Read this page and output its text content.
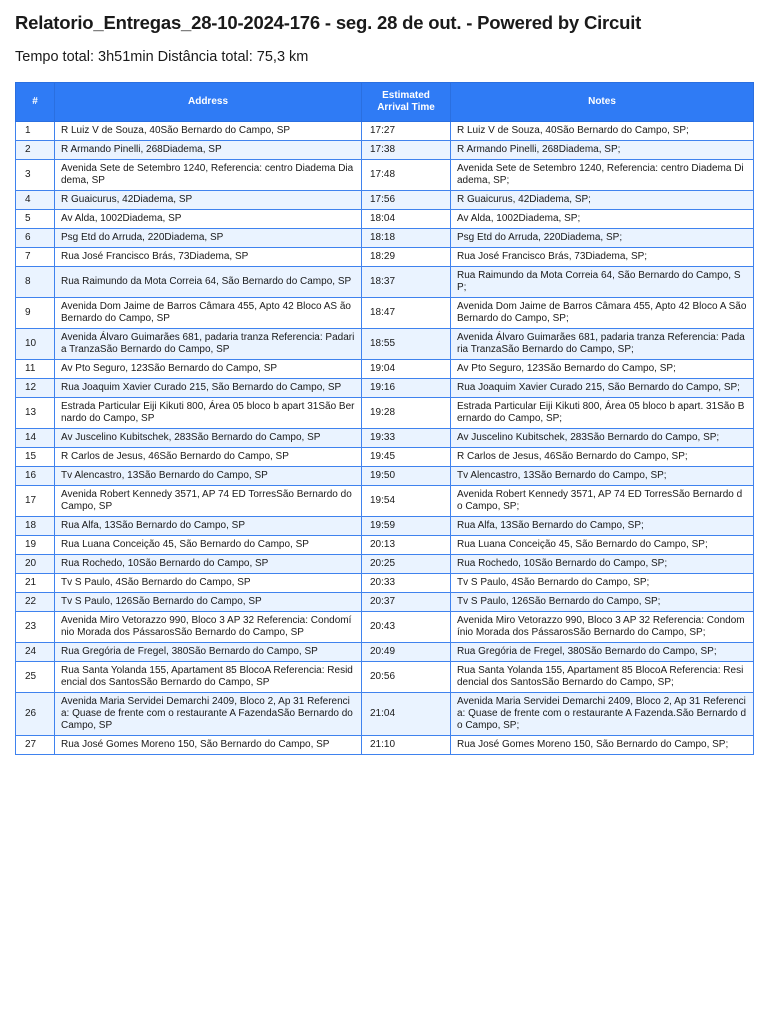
Relatorio_Entregas_28-10-2024-176 - seg. 28 de out. - Powered by Circuit

Tempo total: 3h51min Distância total: 75,3 km

#	Address	Estimated Arrival Time	Notes
1	R Luiz V de Souza, 40São Bernardo do Campo, SP	17:27	R Luiz V de Souza, 40São Bernardo do Campo, SP;
2	R Armando Pinelli, 268Diadema, SP	17:38	R Armando Pinelli, 268Diadema, SP;
3	Avenida Sete de Setembro 1240, Referencia: centro Diadema Diadema, SP	17:48	Avenida Sete de Setembro 1240, Referencia: centro Diadema Diadema, SP;
4	R Guaicurus, 42Diadema, SP	17:56	R Guaicurus, 42Diadema, SP;
5	Av Alda, 1002Diadema, SP	18:04	Av Alda, 1002Diadema, SP;
6	Psg Etd do Arruda, 220Diadema, SP	18:18	Psg Etd do Arruda, 220Diadema, SP;
7	Rua José Francisco Brás, 73Diadema, SP	18:29	Rua José Francisco Brás, 73Diadema, SP;
8	Rua Raimundo da Mota Correia 64, São Bernardo do Campo, SP	18:37	Rua Raimundo da Mota Correia 64, São Bernardo do Campo, SP;
9	Avenida Dom Jaime de Barros Câmara 455, Apto 42 Bloco AS ão Bernardo do Campo, SP	18:47	Avenida Dom Jaime de Barros Câmara 455, Apto 42 Bloco A São Bernardo do Campo, SP;
10	Avenida Álvaro Guimarães 681, padaria tranza Referencia: Padaria TranzaSão Bernardo do Campo, SP	18:55	Avenida Álvaro Guimarães 681, padaria tranza Referencia: Padaria TranzaSão Bernardo do Campo, SP;
11	Av Pto Seguro, 123São Bernardo do Campo, SP	19:04	Av Pto Seguro, 123São Bernardo do Campo, SP;
12	Rua Joaquim Xavier Curado 215, São Bernardo do Campo, SP	19:16	Rua Joaquim Xavier Curado 215, São Bernardo do Campo, SP;
13	Estrada Particular Eiji Kikuti 800, Área 05 bloco b apart 31São Bernardo do Campo, SP	19:28	Estrada Particular Eiji Kikuti 800, Área 05 bloco b apart. 31São Bernardo do Campo, SP;
14	Av Juscelino Kubitschek, 283São Bernardo do Campo, SP	19:33	Av Juscelino Kubitschek, 283São Bernardo do Campo, SP;
15	R Carlos de Jesus, 46São Bernardo do Campo, SP	19:45	R Carlos de Jesus, 46São Bernardo do Campo, SP;
16	Tv Alencastro, 13São Bernardo do Campo, SP	19:50	Tv Alencastro, 13São Bernardo do Campo, SP;
17	Avenida Robert Kennedy 3571, AP 74 ED TorresSão Bernardo do Campo, SP	19:54	Avenida Robert Kennedy 3571, AP 74 ED TorresSão Bernardo do Campo, SP;
18	Rua Alfa, 13São Bernardo do Campo, SP	19:59	Rua Alfa, 13São Bernardo do Campo, SP;
19	Rua Luana Conceição 45, São Bernardo do Campo, SP	20:13	Rua Luana Conceição 45, São Bernardo do Campo, SP;
20	Rua Rochedo, 10São Bernardo do Campo, SP	20:25	Rua Rochedo, 10São Bernardo do Campo, SP;
21	Tv S Paulo, 4São Bernardo do Campo, SP	20:33	Tv S Paulo, 4São Bernardo do Campo, SP;
22	Tv S Paulo, 126São Bernardo do Campo, SP	20:37	Tv S Paulo, 126São Bernardo do Campo, SP;
23	Avenida Miro Vetorazzo 990, Bloco 3 AP 32 Referencia: Condomínio Morada dos PássarosSão Bernardo do Campo, SP	20:43	Avenida Miro Vetorazzo 990, Bloco 3 AP 32 Referencia: Condomínio Morada dos PássarosSão Bernardo do Campo, SP;
24	Rua Gregória de Fregel, 380São Bernardo do Campo, SP	20:49	Rua Gregória de Fregel, 380São Bernardo do Campo, SP;
25	Rua Santa Yolanda 155, Apartament 85 BlocoA Referencia: Residencial dos SantosSão Bernardo do Campo, SP	20:56	Rua Santa Yolanda 155, Apartament 85 BlocoA Referencia: Residencial dos SantosSão Bernardo do Campo, SP;
26	Avenida Maria Servidei Demarchi 2409, Bloco 2, Ap 31 Referencia: Quase de frente com o restaurante A FazendaSão Bernardo do Campo, SP	21:04	Avenida Maria Servidei Demarchi 2409, Bloco 2, Ap 31 Referencia: Quase de frente com o restaurante A Fazenda.São Bernardo do Campo, SP;
27	Rua José Gomes Moreno 150, São Bernardo do Campo, SP	21:10	Rua José Gomes Moreno 150, São Bernardo do Campo, SP;
